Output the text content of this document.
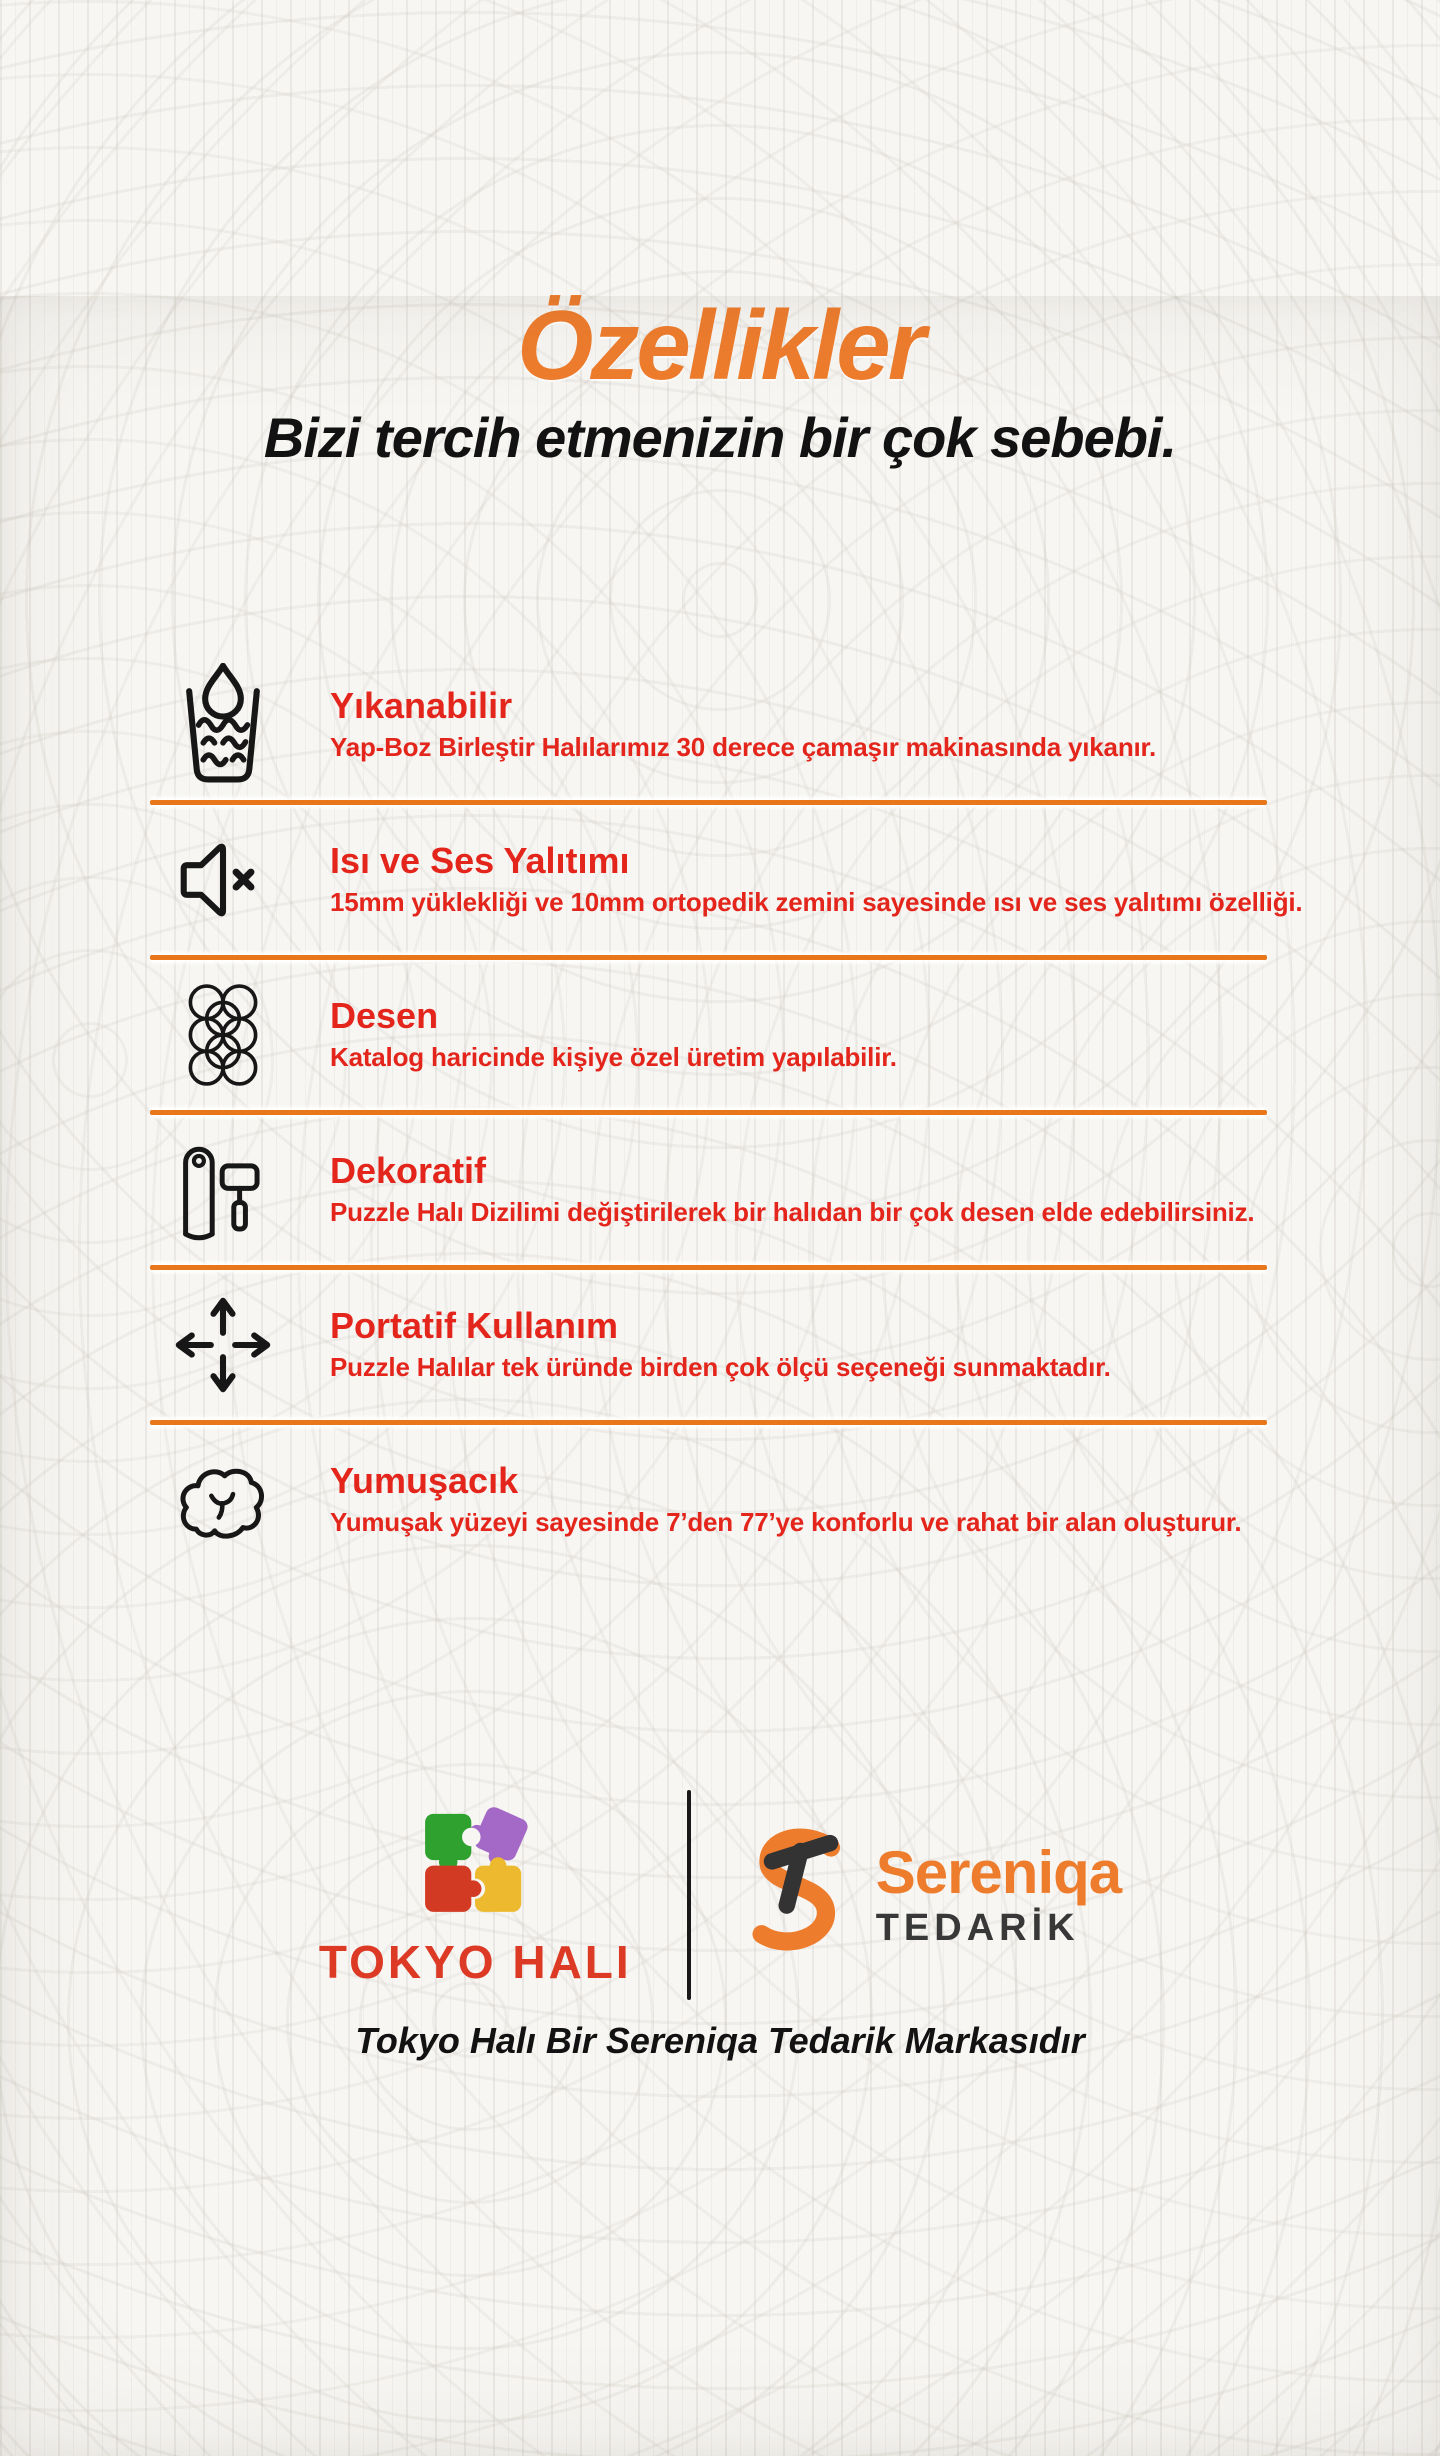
Özellikler
Bizi tercih etmenizin bir çok sebebi.
Yıkanabilir
Yap-Boz Birleştir Halılarımız 30 derece çamaşır makinasında yıkanır.
Isı ve Ses Yalıtımı
15mm yüklekliği ve 10mm ortopedik zemini sayesinde ısı ve ses yalıtımı özelliği.
Desen
Katalog haricinde kişiye özel üretim yapılabilir.
Dekoratif
Puzzle Halı Dizilimi değiştirilerek bir halıdan bir çok desen elde edebilirsiniz.
Portatif Kullanım
Puzzle Halılar tek üründe birden çok ölçü seçeneği sunmaktadır.
Yumuşacık
Yumuşak yüzeyi sayesinde 7’den 77’ye konforlu ve rahat bir alan oluşturur.
TOKYO HALI
Sereniqa
TEDARİK
Tokyo Halı Bir Sereniqa Tedarik Markasıdır
